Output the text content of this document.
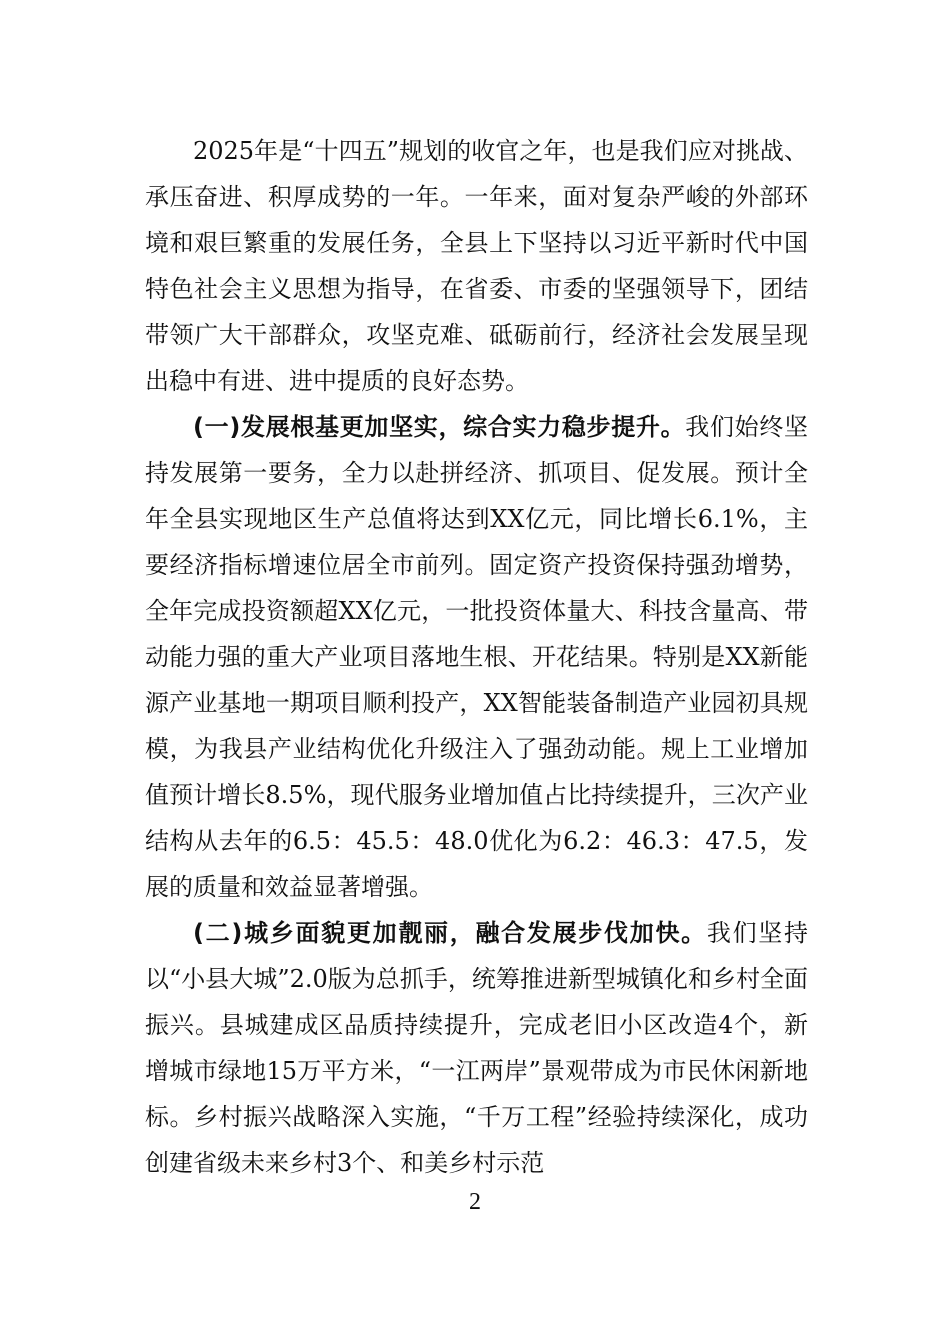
2025年是“十四五”规划的收官之年，也是我们应对挑战、承压奋进、积厚成势的一年。一年来，面对复杂严峻的外部环境和艰巨繁重的发展任务，全县上下坚持以习近平新时代中国特色社会主义思想为指导，在省委、市委的坚强领导下，团结带领广大干部群众，攻坚克难、砥砺前行，经济社会发展呈现出稳中有进、进中提质的良好态势。

(一)发展根基更加坚实，综合实力稳步提升。我们始终坚持发展第一要务，全力以赴拼经济、抓项目、促发展。预计全年全县实现地区生产总值将达到XX亿元，同比增长6.1%，主要经济指标增速位居全市前列。固定资产投资保持强劲增势，全年完成投资额超XX亿元，一批投资体量大、科技含量高、带动能力强的重大产业项目落地生根、开花结果。特别是XX新能源产业基地一期项目顺利投产，XX智能装备制造产业园初具规模，为我县产业结构优化升级注入了强劲动能。规上工业增加值预计增长8.5%，现代服务业增加值占比持续提升，三次产业结构从去年的6.5：45.5：48.0优化为6.2：46.3：47.5，发展的质量和效益显著增强。

(二)城乡面貌更加靓丽，融合发展步伐加快。我们坚持以“小县大城”2.0版为总抓手，统筹推进新型城镇化和乡村全面振兴。县城建成区品质持续提升，完成老旧小区改造4个，新增城市绿地15万平方米，“一江两岸”景观带成为市民休闲新地标。乡村振兴战略深入实施，“千万工程”经验持续深化，成功创建省级未来乡村3个、和美乡村示范

2
